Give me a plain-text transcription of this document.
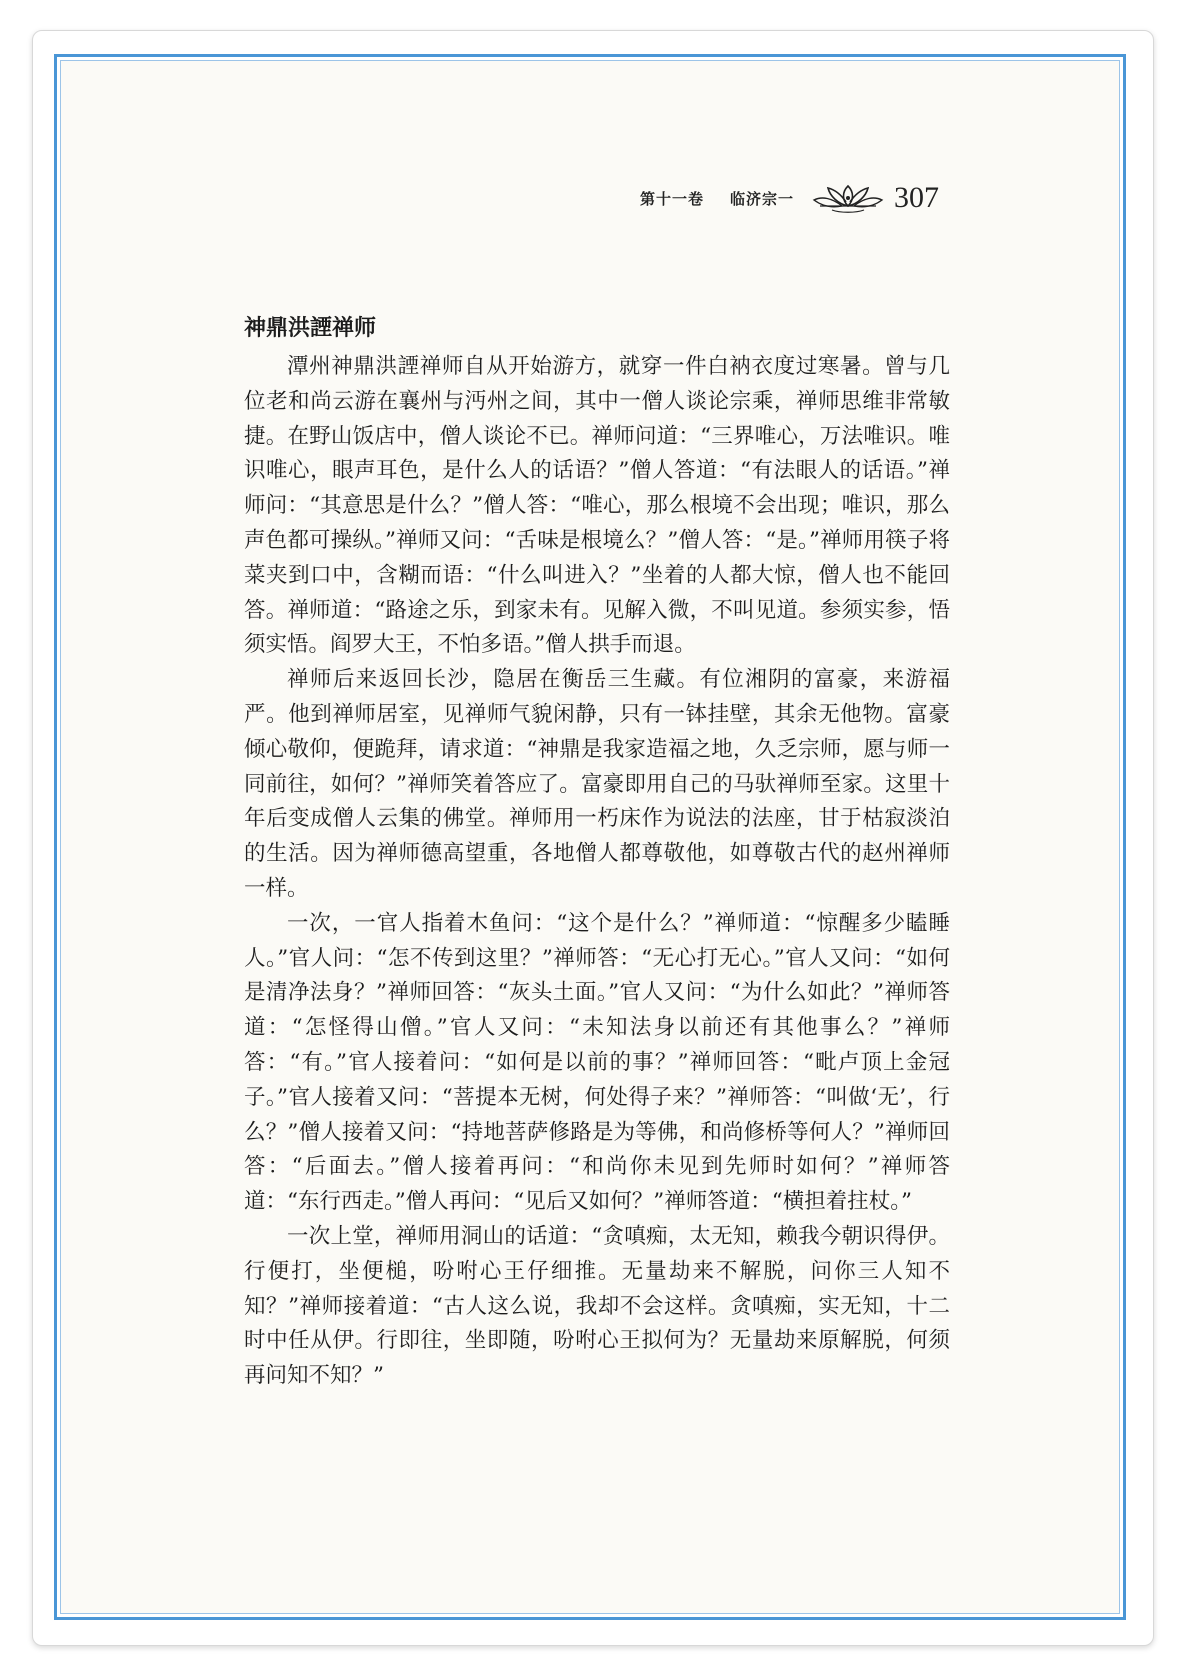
第十一卷 临济宗一	307
神鼎洪諲禅师

潭州神鼎洪諲禅师自从开始游方，就穿一件白衲衣度过寒暑。曾与几位老和尚云游在襄州与沔州之间，其中一僧人谈论宗乘，禅师思维非常敏捷。在野山饭店中，僧人谈论不已。禅师问道：“三界唯心，万法唯识。唯识唯心，眼声耳色，是什么人的话语？”僧人答道：“有法眼人的话语。”禅师问：“其意思是什么？”僧人答：“唯心，那么根境不会出现；唯识，那么声色都可操纵。”禅师又问：“舌味是根境么？”僧人答：“是。”禅师用筷子将菜夹到口中，含糊而语：“什么叫进入？”坐着的人都大惊，僧人也不能回答。禅师道：“路途之乐，到家未有。见解入微，不叫见道。参须实参，悟须实悟。阎罗大王，不怕多语。”僧人拱手而退。

禅师后来返回长沙，隐居在衡岳三生藏。有位湘阴的富豪，来游福严。他到禅师居室，见禅师气貌闲静，只有一钵挂壁，其余无他物。富豪倾心敬仰，便跪拜，请求道：“神鼎是我家造福之地，久乏宗师，愿与师一同前往，如何？”禅师笑着答应了。富豪即用自己的马驮禅师至家。这里十年后变成僧人云集的佛堂。禅师用一朽床作为说法的法座，甘于枯寂淡泊的生活。因为禅师德高望重，各地僧人都尊敬他，如尊敬古代的赵州禅师一样。

一次，一官人指着木鱼问：“这个是什么？”禅师道：“惊醒多少瞌睡人。”官人问：“怎不传到这里？”禅师答：“无心打无心。”官人又问：“如何是清净法身？”禅师回答：“灰头土面。”官人又问：“为什么如此？”禅师答道：“怎怪得山僧。”官人又问：“未知法身以前还有其他事么？”禅师答：“有。”官人接着问：“如何是以前的事？”禅师回答：“毗卢顶上金冠子。”官人接着又问：“菩提本无树，何处得子来？”禅师答：“叫做‘无’，行么？”僧人接着又问：“持地菩萨修路是为等佛，和尚修桥等何人？”禅师回答：“后面去。”僧人接着再问：“和尚你未见到先师时如何？”禅师答道：“东行西走。”僧人再问：“见后又如何？”禅师答道：“横担着拄杖。”

一次上堂，禅师用洞山的话道：“贪嗔痴，太无知，赖我今朝识得伊。行便打，坐便槌，吩咐心王仔细推。无量劫来不解脱，问你三人知不知？”禅师接着道：“古人这么说，我却不会这样。贪嗔痴，实无知，十二时中任从伊。行即往，坐即随，吩咐心王拟何为？无量劫来原解脱，何须再问知不知？”
